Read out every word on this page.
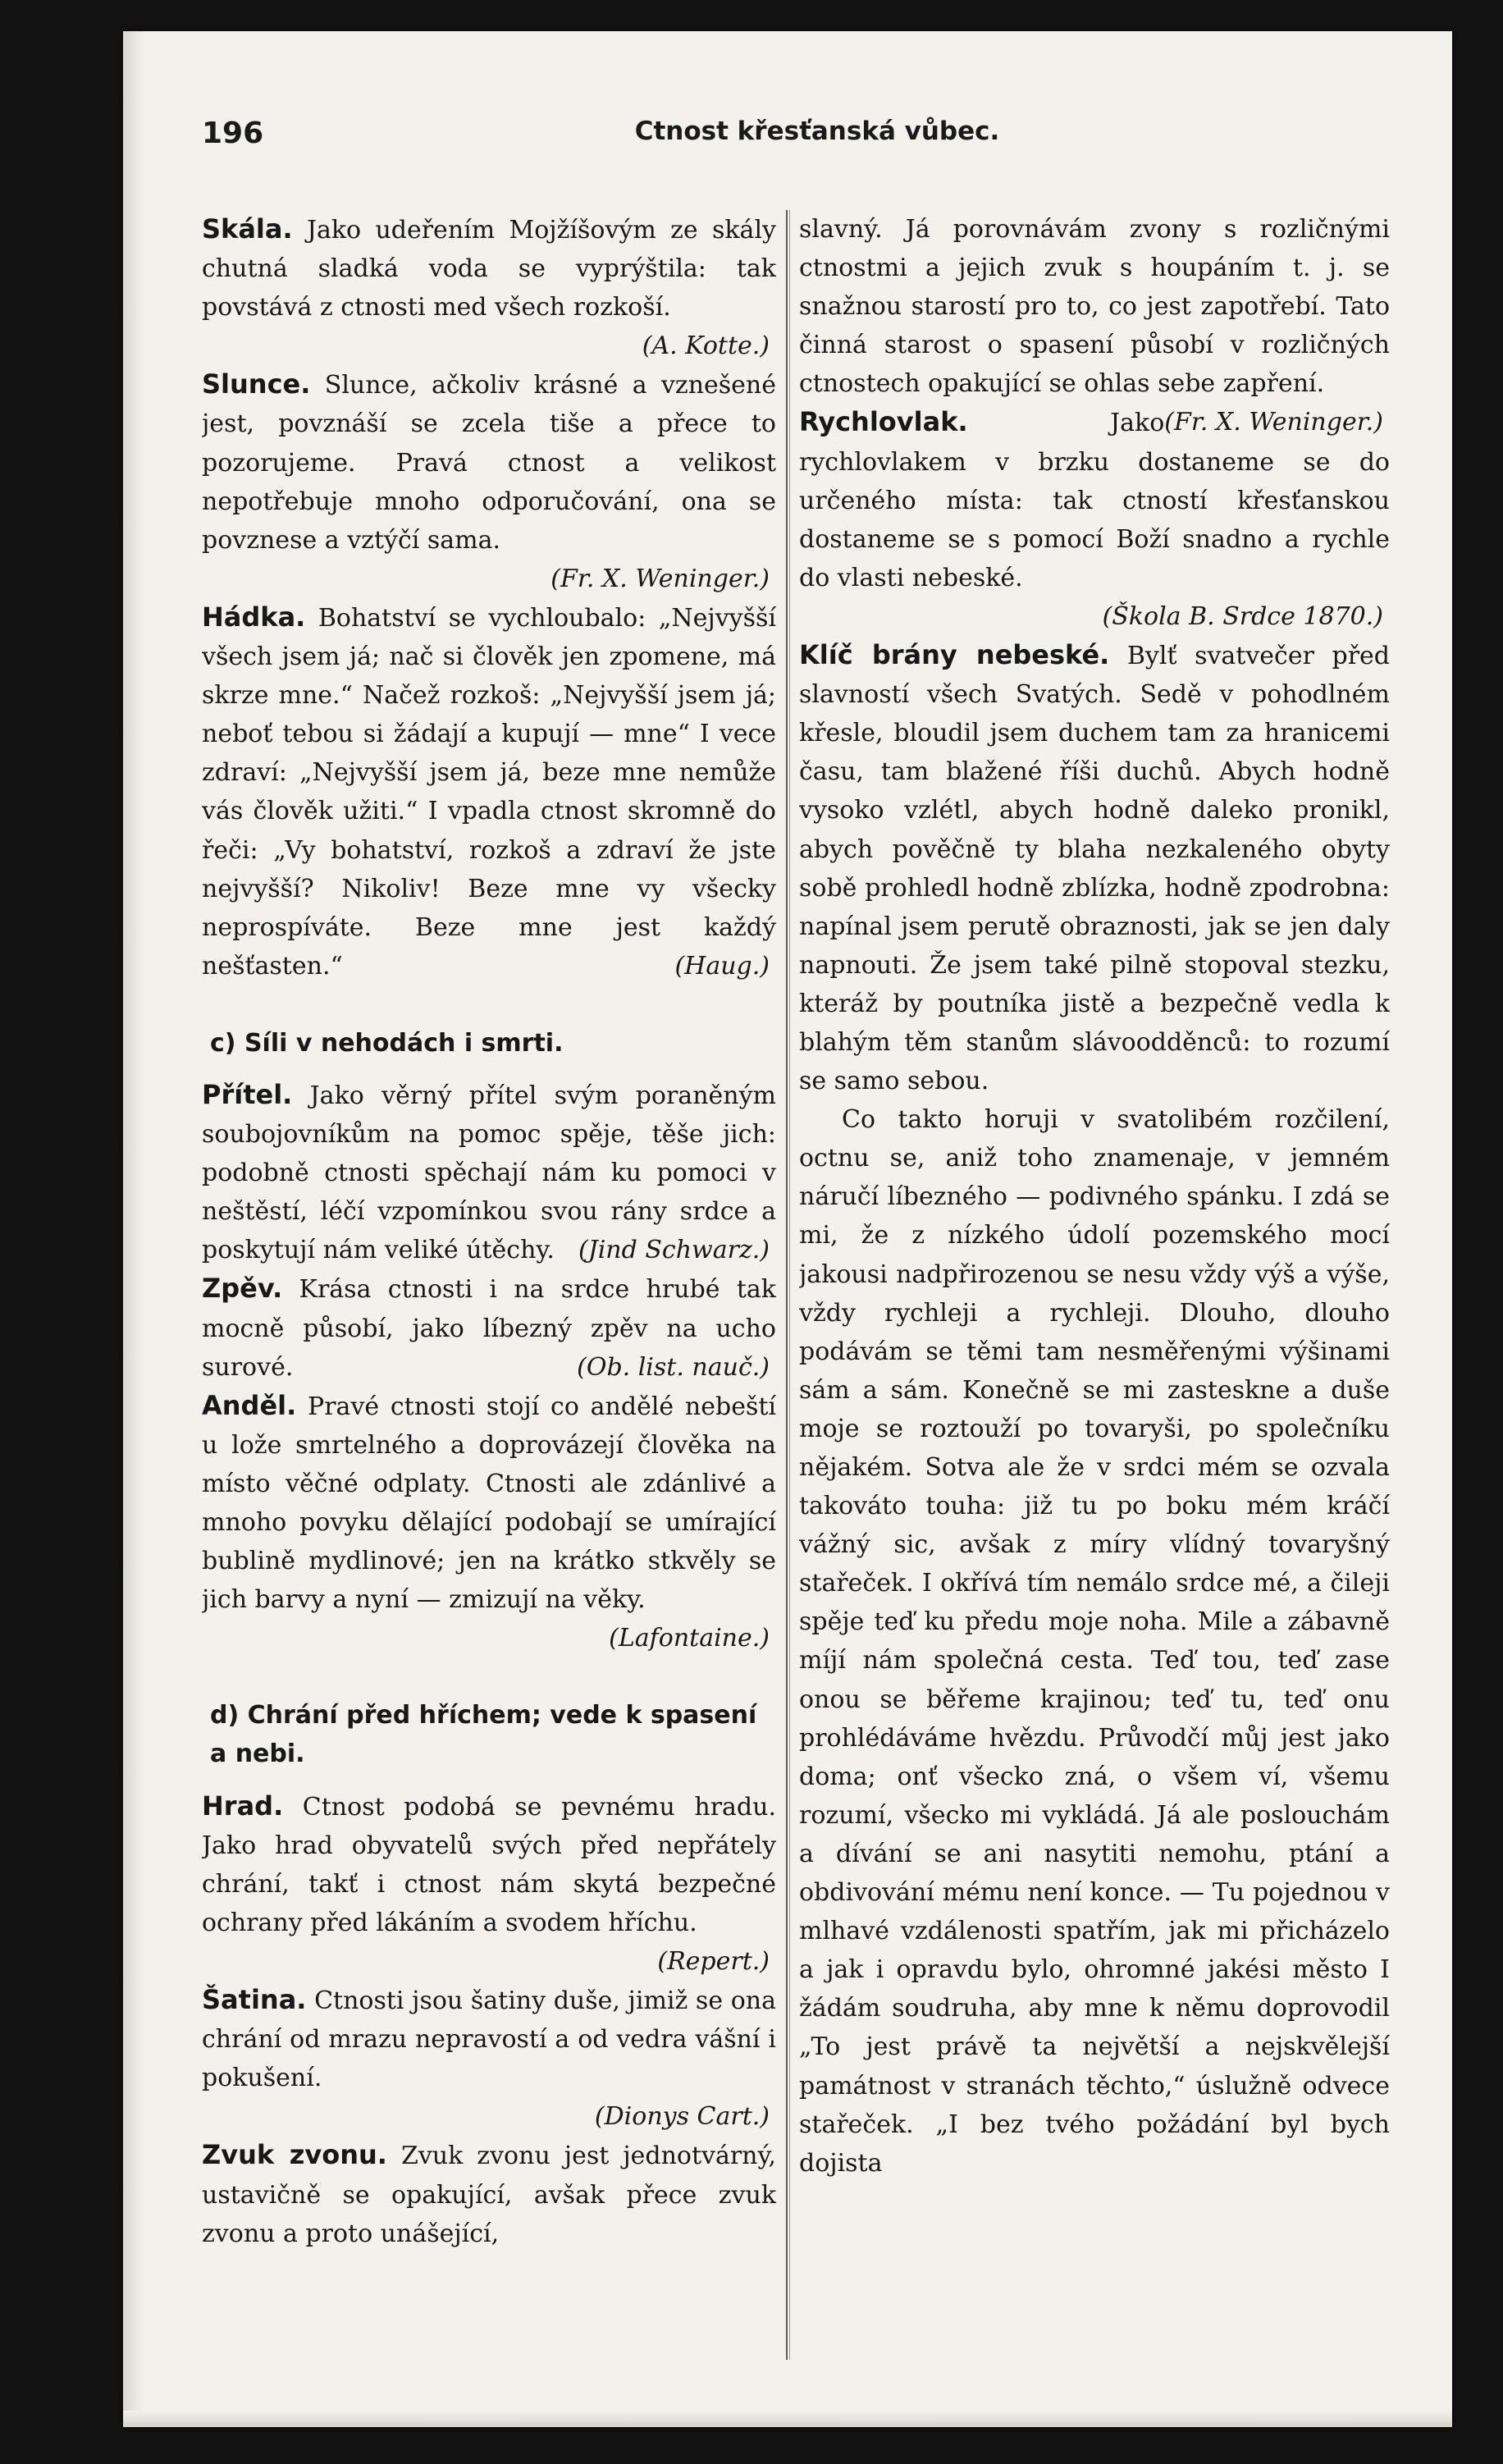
196	Ctnost křesťanská vůbec.

Skála. Jako udeřením Mojžíšovým ze skály chutná sladká voda se vyprýštila: tak povstává z ctnosti med všech rozkoší.
(A. Kotte.)

Slunce. Slunce, ačkoliv krásné a vznešené jest, povznáší se zcela tiše a přece to pozorujeme. Pravá ctnost a velikost nepotřebuje mnoho odporučování, ona se povznese a vztýčí sama.
(Fr. X. Weninger.)

Hádka. Bohatství se vychloubalo: „Nejvyšší všech jsem já; nač si člověk jen zpomene, má skrze mne.“ Načež rozkoš: „Nejvyšší jsem já; neboť tebou si žádají a kupují — mne“ I vece zdraví: „Nejvyšší jsem já, beze mne nemůže vás člověk užiti.“ I vpadla ctnost skromně do řeči: „Vy bohatství, rozkoš a zdraví že jste nejvyšší? Nikoliv! Beze mne vy všecky neprospíváte. Beze mne jest každý nešťasten.“	(Haug.)

c) Síli v nehodách i smrti.

Přítel. Jako věrný přítel svým poraněným soubojovníkům na pomoc spěje, těše jich: podobně ctnosti spěchají nám ku pomoci v neštěstí, léčí vzpomínkou svou rány srdce a poskytují nám veliké útěchy. (Jind Schwarz.)

Zpěv. Krása ctnosti i na srdce hrubé tak mocně působí, jako líbezný zpěv na ucho surové.	(Ob. list. nauč.)

Anděl. Pravé ctnosti stojí co andělé nebeští u lože smrtelného a doprovázejí člověka na místo věčné odplaty. Ctnosti ale zdánlivé a mnoho povyku dělající podobají se umírající bublině mydlinové; jen na krátko stkvěly se jich barvy a nyní — zmizují na věky.
(Lafontaine.)

d) Chrání před hříchem; vede k spasení a nebi.

Hrad. Ctnost podobá se pevnému hradu. Jako hrad obyvatelů svých před nepřátely chrání, takť i ctnost nám skytá bezpečné ochrany před lákáním a svodem hříchu.
(Repert.)

Šatina. Ctnosti jsou šatiny duše, jimiž se ona chrání od mrazu nepravostí a od vedra vášní i pokušení.
(Dionys Cart.)

Zvuk zvonu. Zvuk zvonu jest jednotvárný, ustavičně se opakující, avšak přece zvuk zvonu a proto unášející,

slavný. Já porovnávám zvony s rozličnými ctnostmi a jejich zvuk s houpáním t. j. se snažnou starostí pro to, co jest zapotřebí. Tato činná starost o spasení působí v rozličných ctnostech opakující se ohlas sebe zapření.
(Fr. X. Weninger.)

Rychlovlak.	Jako rychlovlakem v brzku dostaneme se do určeného místa: tak ctností křesťanskou dostaneme se s pomocí Boží snadno a rychle do vlasti nebeské.
(Škola B. Srdce 1870.)

Klíč brány nebeské. Bylť svatvečer před slavností všech Svatých. Sedě v pohodlném křesle, bloudil jsem duchem tam za hranicemi času, tam blažené říši duchů. Abych hodně vysoko vzlétl, abych hodně daleko pronikl, abych pověčně ty blaha nezkaleného obyty sobě prohledl hodně zblízka, hodně zpodrobna: napínal jsem perutě obraznosti, jak se jen daly napnouti. Že jsem také pilně stopoval stezku, kteráž by poutníka jistě a bezpečně vedla k blahým těm stanům slávoodděnců: to rozumí se samo sebou.

Co takto horuji v svatolibém rozčilení, octnu se, aniž toho znamenaje, v jemném náručí líbezného — podivného spánku. I zdá se mi, že z nízkého údolí pozemského mocí jakousi nadpřirozenou se nesu vždy výš a výše, vždy rychleji a rychleji. Dlouho, dlouho podávám se těmi tam nesměřenými výšinami sám a sám. Konečně se mi zasteskne a duše moje se roztouží po tovaryši, po společníku nějakém. Sotva ale že v srdci mém se ozvala takováto touha: již tu po boku mém kráčí vážný sic, avšak z míry vlídný tovaryšný stařeček. I okřívá tím nemálo srdce mé, a čileji spěje teď ku předu moje noha. Mile a zábavně míjí nám společná cesta. Teď tou, teď zase onou se běřeme krajinou; teď tu, teď onu prohlédáváme hvězdu. Průvodčí můj jest jako doma; onť všecko zná, o všem ví, všemu rozumí, všecko mi vykládá. Já ale poslouchám a dívání se ani nasytiti nemohu, ptání a obdivování mému není konce. — Tu pojednou v mlhavé vzdálenosti spatřím, jak mi přicházelo a jak i opravdu bylo, ohromné jakési město I žádám soudruha, aby mne k němu doprovodil „To jest právě ta největší a nejskvělejší památnost v stranách těchto,“ úslužně odvece stařeček. „I bez tvého požádání byl bych dojista
